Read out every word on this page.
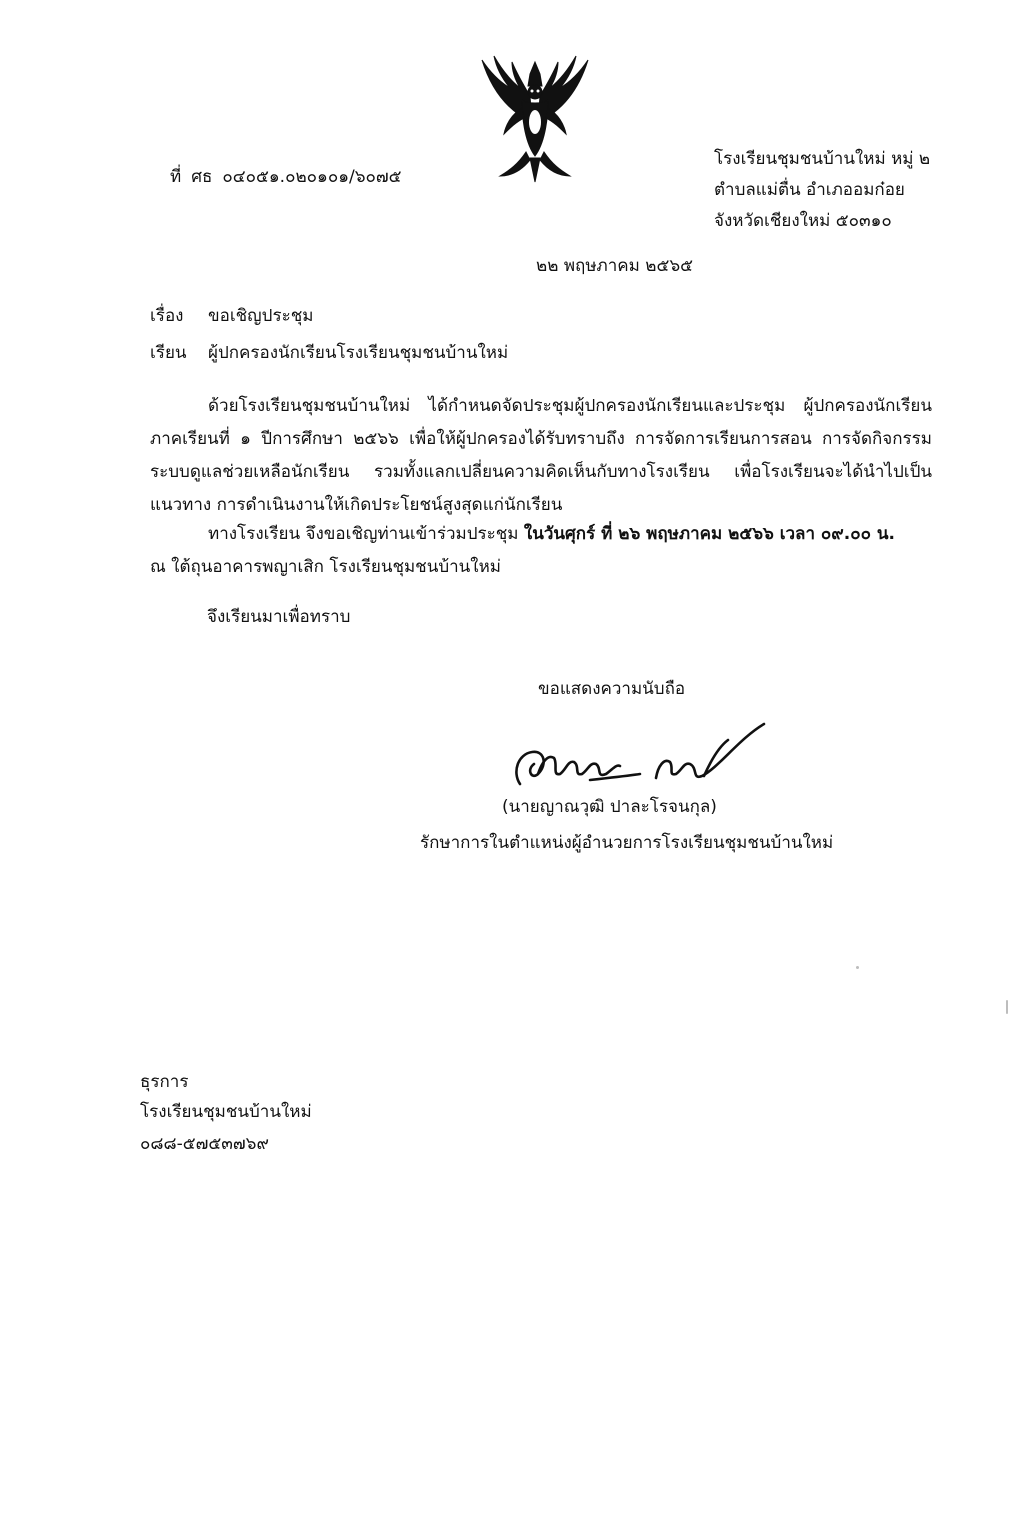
ที่ ศธ ๐๔๐๕๑.๐๒๐๑๐๑/๖๐๗๕
โรงเรียนชุมชนบ้านใหม่ หมู่ ๒
ตำบลแม่ตื่น อำเภออมก๋อย
จังหวัดเชียงใหม่ ๕๐๓๑๐
๒๒ พฤษภาคม ๒๕๖๕
เรื่อง ขอเชิญประชุม
เรียน ผู้ปกครองนักเรียนโรงเรียนชุมชนบ้านใหม่
ด้วยโรงเรียนชุมชนบ้านใหม่ ได้กำหนดจัดประชุมผู้ปกครองนักเรียนและประชุม ผู้ปกครองนักเรียน ภาคเรียนที่ ๑ ปีการศึกษา ๒๕๖๖ เพื่อให้ผู้ปกครองได้รับทราบถึง การจัดการเรียนการสอน การจัดกิจกรรม ระบบดูแลช่วยเหลือนักเรียน รวมทั้งแลกเปลี่ยนความคิดเห็นกับทางโรงเรียน เพื่อโรงเรียนจะได้นำไปเป็น แนวทาง การดำเนินงานให้เกิดประโยชน์สูงสุดแก่นักเรียน
ทางโรงเรียน จึงขอเชิญท่านเข้าร่วมประชุม ในวันศุกร์ ที่ ๒๖ พฤษภาคม ๒๕๖๖ เวลา ๐๙.๐๐ น.
ณ ใต้ถุนอาคารพญาเสิก โรงเรียนชุมชนบ้านใหม่
จึงเรียนมาเพื่อทราบ
ขอแสดงความนับถือ
(นายญาณวุฒิ ปาละโรจนกุล)
รักษาการในตำแหน่งผู้อำนวยการโรงเรียนชุมชนบ้านใหม่
ธุรการ
โรงเรียนชุมชนบ้านใหม่
๐๘๘-๕๗๕๓๗๖๙
